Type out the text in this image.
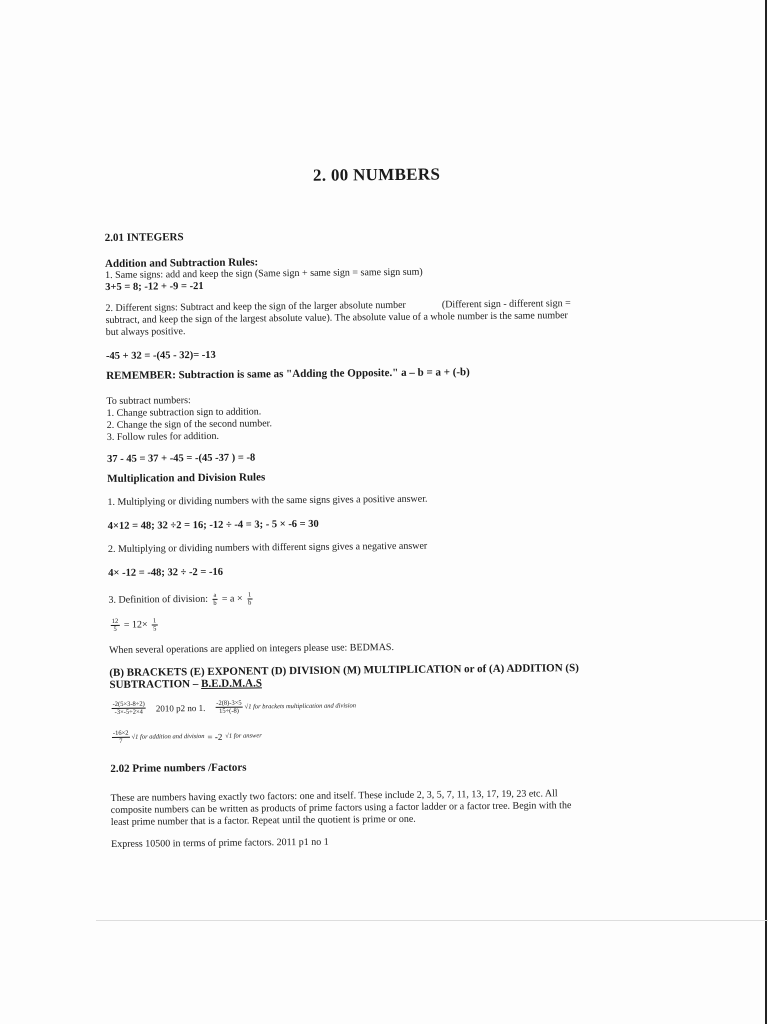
2. 00 NUMBERS
2.01 INTEGERS
Addition and Subtraction Rules:
1. Same signs: add and keep the sign (Same sign + same sign = same sign sum)
3+5 = 8; -12 + -9 = -21
2. Different signs: Subtract and keep the sign of the larger absolute number	(Different sign - different sign =
subtract, and keep the sign of the largest absolute value). The absolute value of a whole number is the same number
but always positive.
-45 + 32 = -(45 - 32)= -13
REMEMBER: Subtraction is same as "Adding the Opposite." a – b = a + (-b)
To subtract numbers:
1. Change subtraction sign to addition.
2. Change the sign of the second number.
3. Follow rules for addition.
37 - 45 = 37 + -45 = -(45 -37 ) = -8
Multiplication and Division Rules
1. Multiplying or dividing numbers with the same signs gives a positive answer.
4×12 = 48; 32 ÷2 = 16; -12 ÷ -4 = 3; - 5 × -6 = 30
2. Multiplying or dividing numbers with different signs gives a negative answer
4× -12 = -48; 32 ÷ -2 = -16
3. Definition of division: $\frac{a}{b} = a \times \frac{1}{b}$
$\frac{12}{5} = 12\times \frac{1}{5}$
When several operations are applied on integers please use: BEDMAS.
(B) BRACKETS (E) EXPONENT (D) DIVISION (M) MULTIPLICATION or of (A) ADDITION (S)
SUBTRACTION – B.E.D.M.A.S
$\frac{-2(5\times 3-8\div 2)}{-3\times-5\div 2\times 4} 2010$ p2 no 1. $\frac{-2(8)-3\times 5}{15\div(-8)} √1$ for brackets multiplication and division
$\frac{-16\times 2}{7} √1$ for addition and division = -2 √1 for answer
2.02 Prime numbers /Factors
These are numbers having exactly two factors: one and itself. These include 2, 3, 5, 7, 11, 13, 17, 19, 23 etc. All
composite numbers can be written as products of prime factors using a factor ladder or a factor tree. Begin with the
least prime number that is a factor. Repeat until the quotient is prime or one.
Express 10500 in terms of prime factors. 2011 p1 no 1
